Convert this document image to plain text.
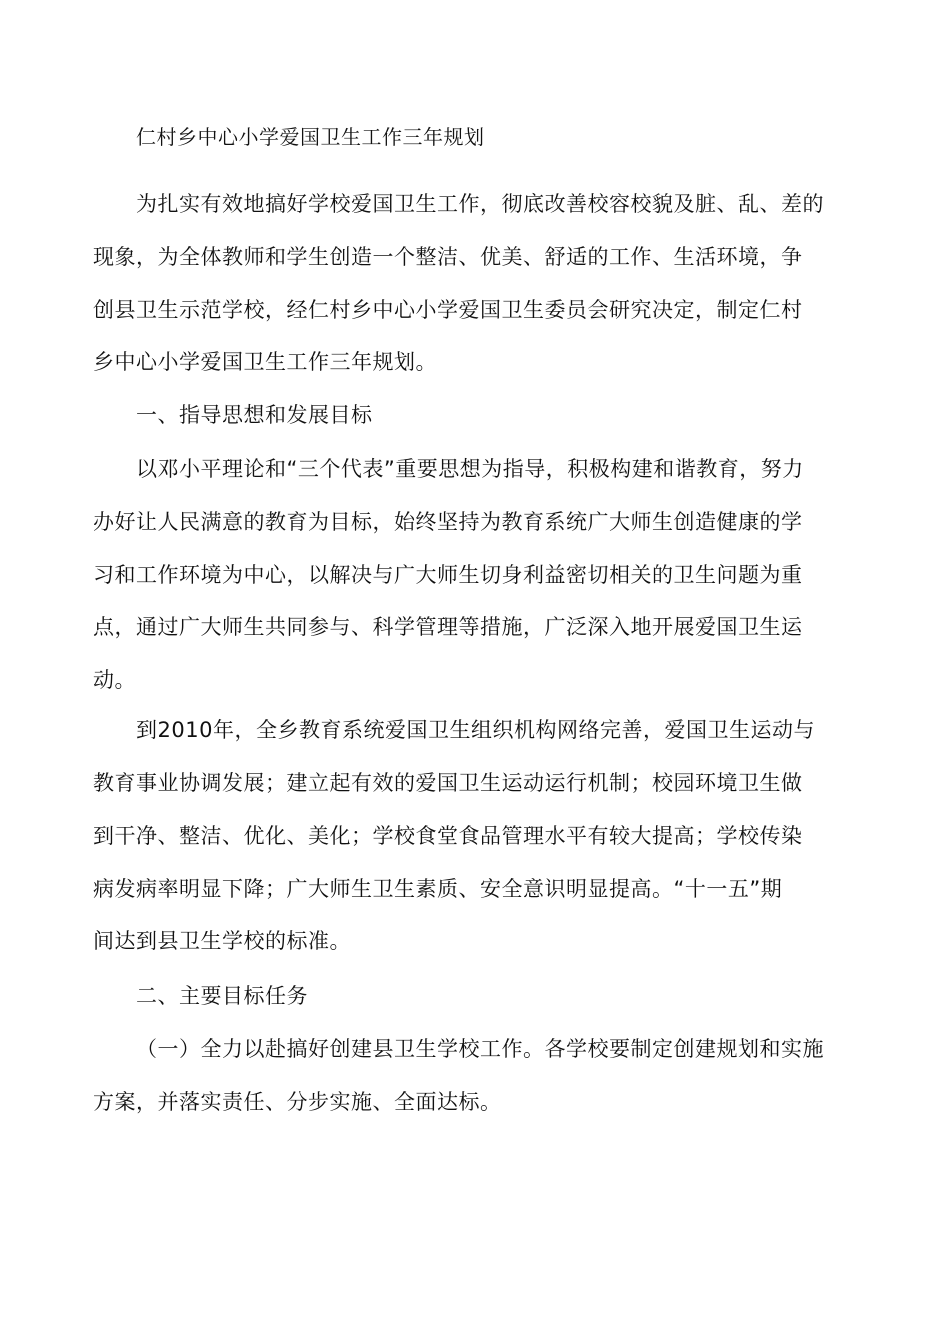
仁村乡中心小学爱国卫生工作三年规划
为扎实有效地搞好学校爱国卫生工作，彻底改善校容校貌及脏、乱、差的
现象，为全体教师和学生创造一个整洁、优美、舒适的工作、生活环境，争
创县卫生示范学校，经仁村乡中心小学爱国卫生委员会研究决定，制定仁村
乡中心小学爱国卫生工作三年规划。
一、指导思想和发展目标
以邓小平理论和“三个代表”重要思想为指导，积极构建和谐教育，努力
办好让人民满意的教育为目标，始终坚持为教育系统广大师生创造健康的学
习和工作环境为中心，以解决与广大师生切身利益密切相关的卫生问题为重
点，通过广大师生共同参与、科学管理等措施，广泛深入地开展爱国卫生运
动。
到2010年，全乡教育系统爱国卫生组织机构网络完善，爱国卫生运动与
教育事业协调发展；建立起有效的爱国卫生运动运行机制；校园环境卫生做
到干净、整洁、优化、美化；学校食堂食品管理水平有较大提高；学校传染
病发病率明显下降；广大师生卫生素质、安全意识明显提高。“十一五”期
间达到县卫生学校的标准。
二、主要目标任务
（一）全力以赴搞好创建县卫生学校工作。各学校要制定创建规划和实施
方案，并落实责任、分步实施、全面达标。
